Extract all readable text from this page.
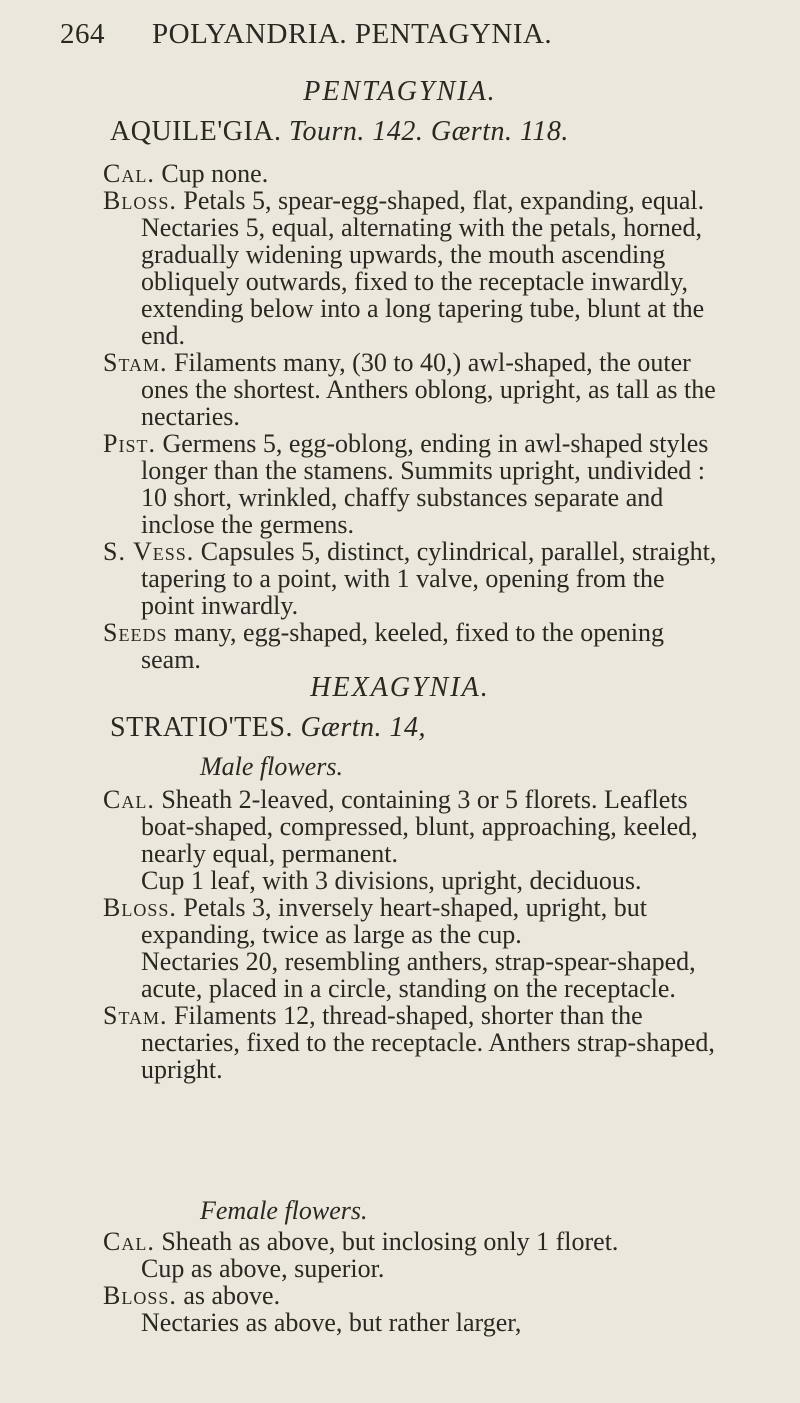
264 POLYANDRIA. PENTAGYNIA.
PENTAGYNIA.
AQUILE'GIA. Tourn. 142. Gærtn. 118.
Cal. Cup none.
Bloss. Petals 5, spear-egg-shaped, flat, expanding, equal. Nectaries 5, equal, alternating with the petals, horned, gradually widening upwards, the mouth ascending obliquely outwards, fixed to the receptacle inwardly, extending below into a long tapering tube, blunt at the end.
Stam. Filaments many, (30 to 40,) awl-shaped, the outer ones the shortest. Anthers oblong, upright, as tall as the nectaries.
Pist. Germens 5, egg-oblong, ending in awl-shaped styles longer than the stamens. Summits upright, undivided : 10 short, wrinkled, chaffy substances separate and inclose the germens.
S. Vess. Capsules 5, distinct, cylindrical, parallel, straight, tapering to a point, with 1 valve, opening from the point inwardly.
Seeds many, egg-shaped, keeled, fixed to the opening seam.
HEXAGYNIA.
STRATIO'TES. Gærtn. 14,
Male flowers.
Cal. Sheath 2-leaved, containing 3 or 5 florets. Leaflets boat-shaped, compressed, blunt, approaching, keeled, nearly equal, permanent.
Cup 1 leaf, with 3 divisions, upright, deciduous.
Bloss. Petals 3, inversely heart-shaped, upright, but expanding, twice as large as the cup.
Nectaries 20, resembling anthers, strap-spear-shaped, acute, placed in a circle, standing on the receptacle.
Stam. Filaments 12, thread-shaped, shorter than the nectaries, fixed to the receptacle. Anthers strap-shaped, upright.
Female flowers.
Cal. Sheath as above, but inclosing only 1 floret.
Cup as above, superior.
Bloss. as above.
Nectaries as above, but rather larger,
